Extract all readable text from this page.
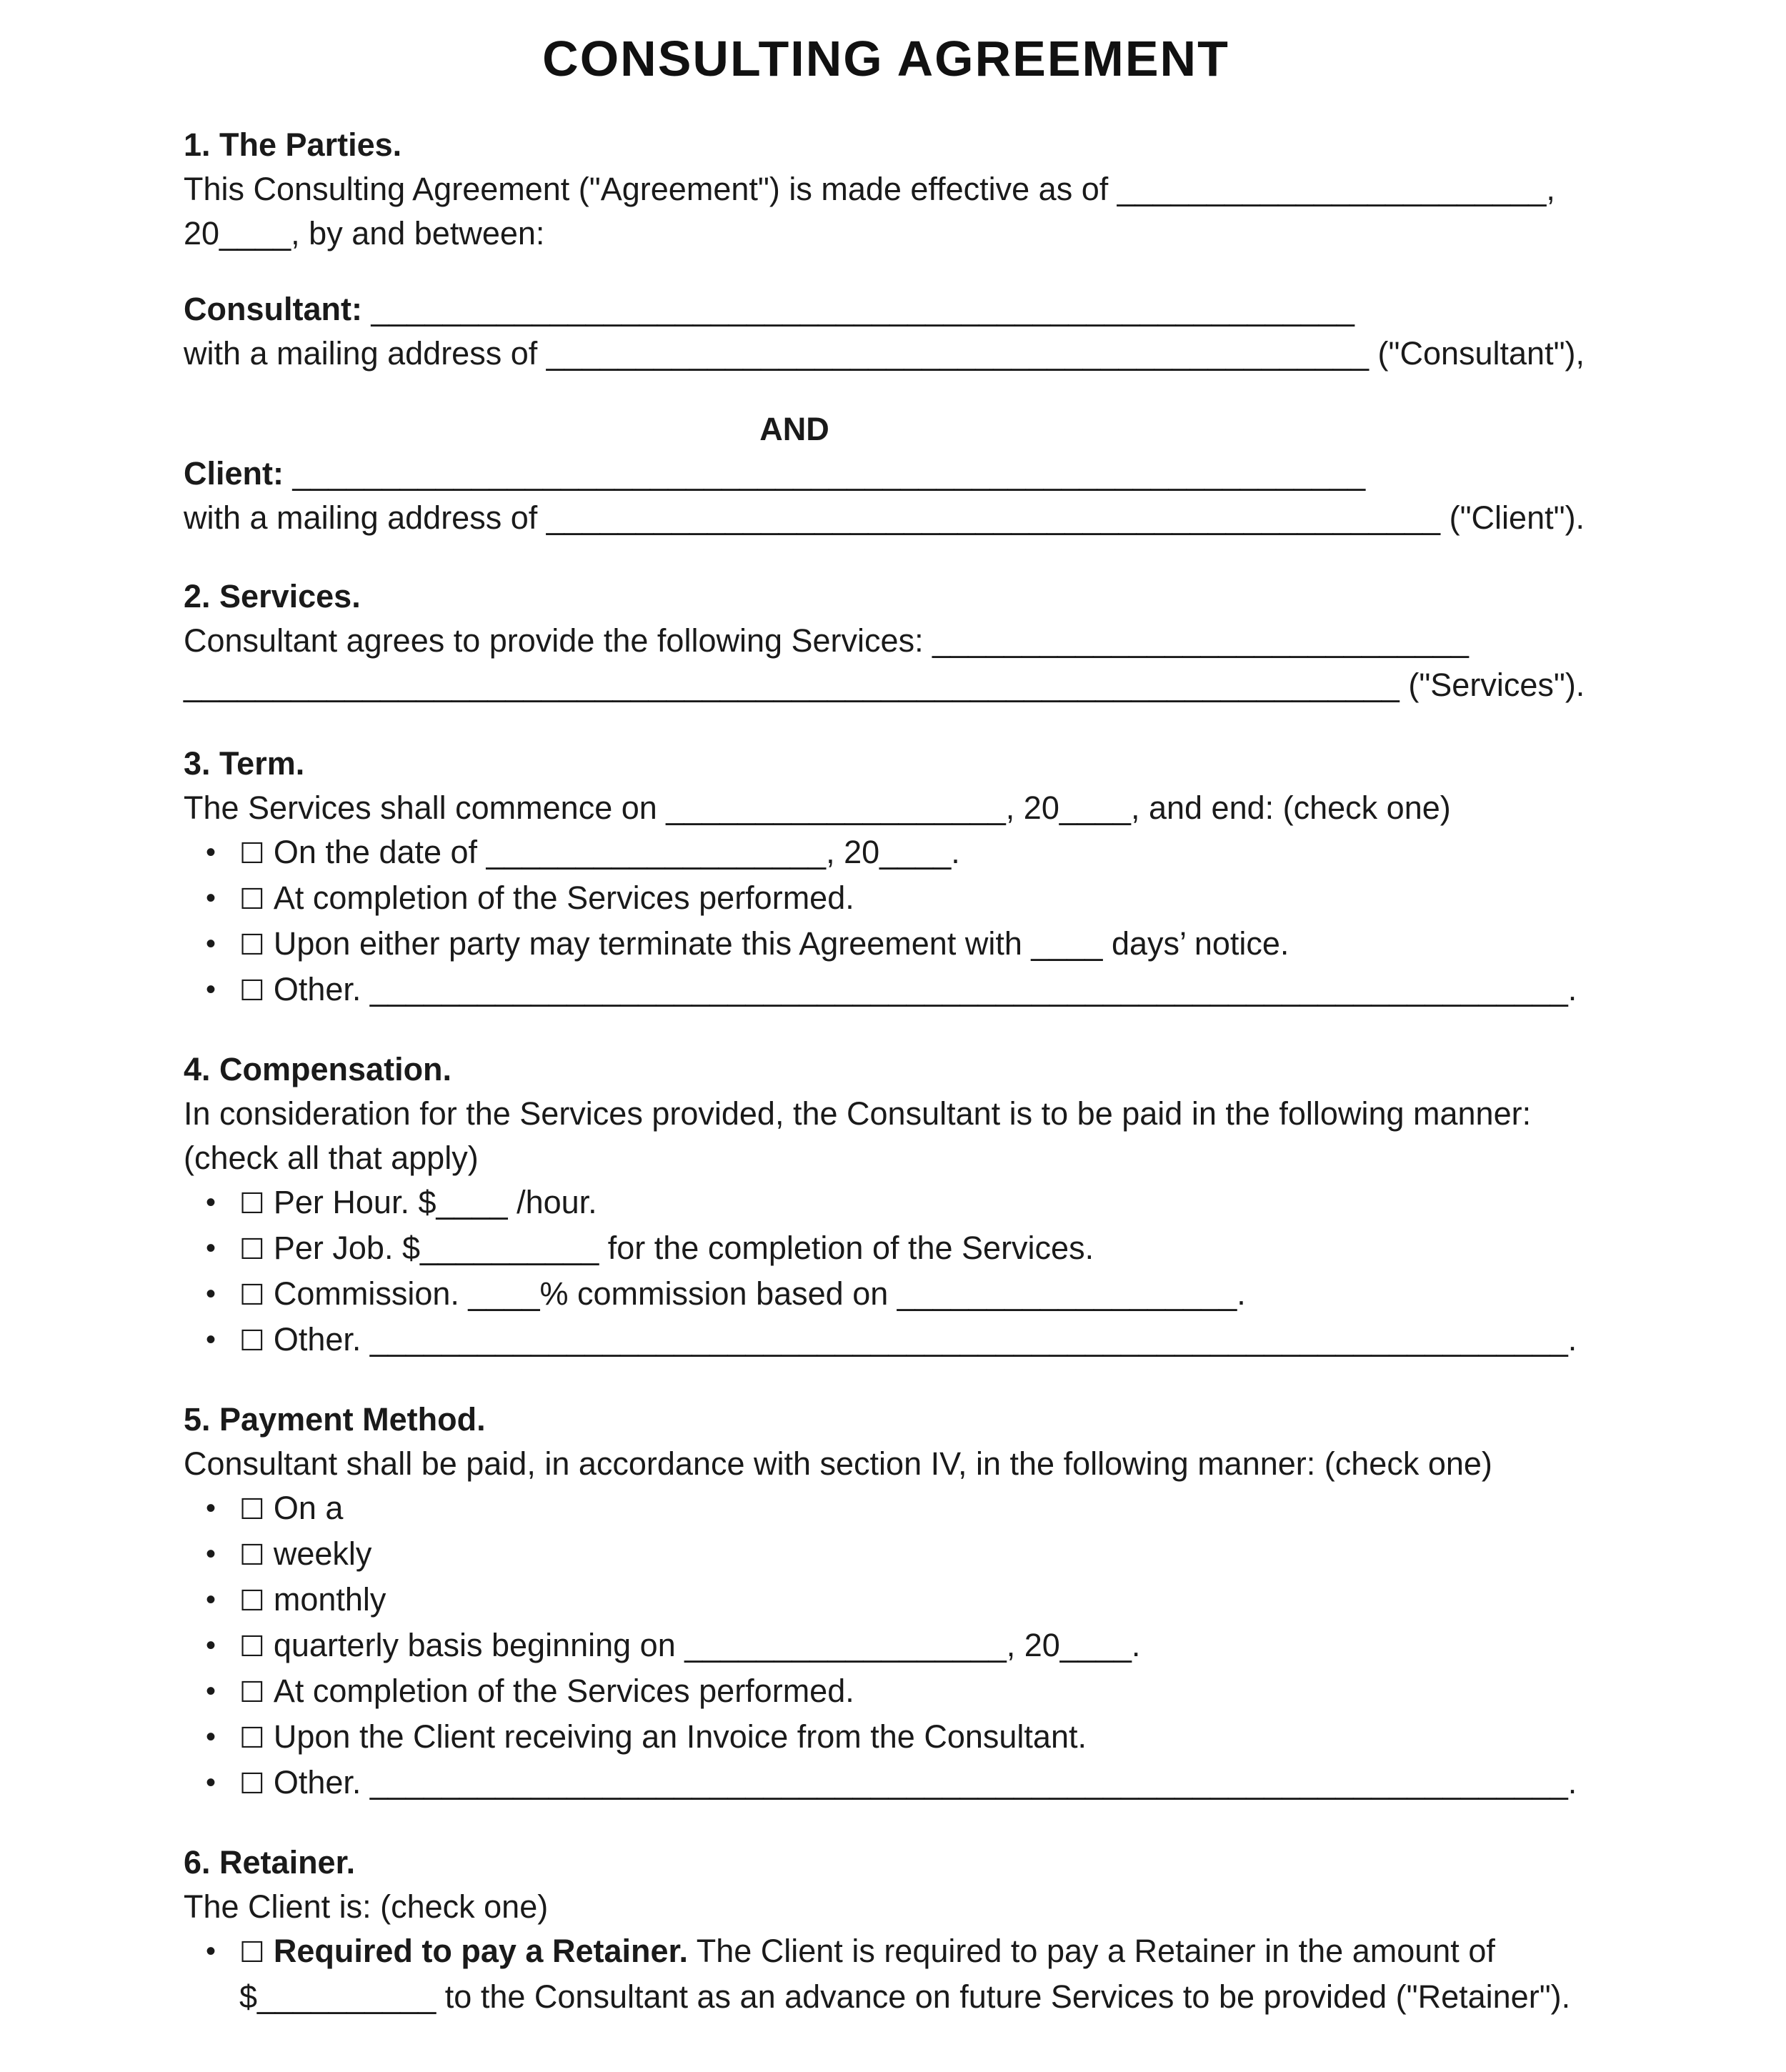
CONSULTING AGREEMENT
1. The Parties.
This Consulting Agreement ("Agreement") is made effective as of ________________________,
20____, by and between:
Consultant: _______________________________________________________
with a mailing address of ______________________________________________ ("Consultant"),
AND
Client: ____________________________________________________________
with a mailing address of __________________________________________________ ("Client").
2. Services.
Consultant agrees to provide the following Services: ______________________________
____________________________________________________________________ ("Services").
3. Term.
The Services shall commence on ___________________, 20____, and end: (check one)
• ☐ On the date of ___________________, 20____.
• ☐ At completion of the Services performed.
• ☐ Upon either party may terminate this Agreement with ____ days’ notice.
• ☐ Other. ___________________________________________________________________.
4. Compensation.
In consideration for the Services provided, the Consultant is to be paid in the following manner:
(check all that apply)
• ☐ Per Hour. $____ /hour.
• ☐ Per Job. $__________ for the completion of the Services.
• ☐ Commission. ____% commission based on ___________________.
• ☐ Other. ___________________________________________________________________.
5. Payment Method.
Consultant shall be paid, in accordance with section IV, in the following manner: (check one)
• ☐ On a
• ☐ weekly
• ☐ monthly
• ☐ quarterly basis beginning on __________________, 20____.
• ☐ At completion of the Services performed.
• ☐ Upon the Client receiving an Invoice from the Consultant.
• ☐ Other. ___________________________________________________________________.
6. Retainer.
The Client is: (check one)
• ☐ Required to pay a Retainer. The Client is required to pay a Retainer in the amount of
$__________ to the Consultant as an advance on future Services to be provided ("Retainer").
